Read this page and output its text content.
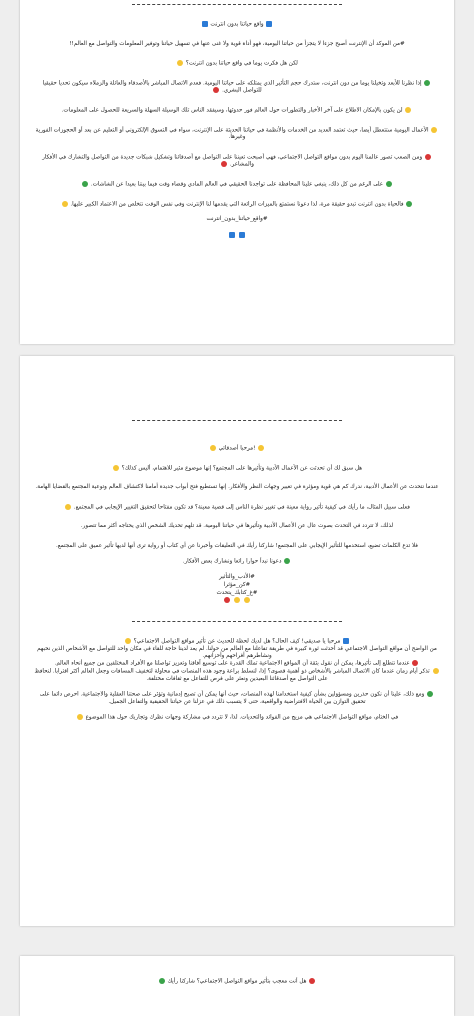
واقع حياتنا بدون انترنت

#من الموكد أن الإنترنت أصبح جزءا لا يتجزأ من حياتنا اليومية، فهو أداة قوية ولا غنى عنها في تسهيل حياتنا وتوفير المعلومات والتواصل مع العالم!!

لكن هل فكرت يوما في واقع حياتنا بدون انترنت؟

إذا نظرنا للأبعد وتخيلنا يوما من دون انترنت، ستدرك حجم التأثير الذي يمتلكه على حياتنا اليومية. فعدم الاتصال المباشر بالأصدقاء والعائلة والزملاء سيكون تحديا حقيقيا للتواصل البشري.

لن يكون بالإمكان الاطلاع على آخر الأخبار والتطورات حول العالم فور حدوثها، وسيفقد الناس تلك الوسيلة السهلة والسريعة للحصول على المعلومات.

الأعمال اليومية ستتعطل أيضا، حيث تعتمد العديد من الخدمات والأنظمة في حياتنا الحديثة على الإنترنت، سواء في التسوق الإلكتروني أو التعليم عن بعد أو الحجوزات الفورية وغيرها.

ومن الصعب تصور عالمنا اليوم بدون مواقع التواصل الاجتماعي، فهي أصبحت تعيننا على التواصل مع أصدقائنا وتشكيل شبكات جديدة من التواصل والتشارك في الأفكار والمشاعر.

على الرغم من كل ذلك، ينبغي علينا المحافظة على تواجدنا الحقيقي في العالم المادي وقضاء وقت فيما بيننا بعيدا عن الشاشات.

فالحياة بدون انترنت تبدو حقيقة مرة، لذا دعونا نستمتع بالميزات الرائعة التي يقدمها لنا الإنترنت وفي نفس الوقت نتخلص من الاعتماد الكبير عليها.

#واقع_حياتنا_بدون_انترنت

!مرحبا أصدقائي

هل سبق لك أن تحدثت عن الأعمال الأدبية وتأثيرها على المجتمع؟ إنها موضوع مثير للاهتمام، أليس كذلك؟

عندما نتحدث عن الأعمال الأدبية، ندرك كم هي قوية ومؤثرة في تغيير وجهات النظر والأفكار. إنها تستطيع فتح أبواب جديدة أمامنا لاكتشاف العالم وتوعية المجتمع بالقضايا الهامة.

فعلى سبيل المثال، ما رأيك في كيفية تأثير رواية معينة في تغيير نظرة الناس إلى قضية معينة؟ قد تكون مفتاحا لتحقيق التغيير الإيجابي في المجتمع.

لذلك، لا تتردد في التحدث بصوت عال عن الأعمال الأدبية وتأثيرها في حياتنا اليومية. قد تلهم تحديك الشخص الذي يحتاجه أكثر مما تتصور.

فلا تدع الكلمات تضيع، استخدمها للتأثير الإيجابي على المجتمع! شاركنا رأيك في التعليقات وأخبرنا عن أي كتاب أو رواية ترى أنها لديها تأثير عميق على المجتمع.

دعونا نبدأ حوارا رائعا ونشارك بعض الأفكار.

#الأدب_والتأثير

#كن_مؤثرا

#غ_كتابك_يتحدث

مرحبا يا صديقي! كيف الحال؟ هل لديك لحظة للحديث عن تأثير مواقع التواصل الاجتماعي؟

من الواضح أن مواقع التواصل الاجتماعي قد أحدثت ثورة كبيرة في طريقة تفاعلنا مع العالم من حولنا. لم يعد لدينا حاجة للقاء في مكان واحد للتواصل مع الأشخاص الذين نحبهم ونشاطرهم أفراحهم وأحزانهم.

عندما نتطلع إلى تأثيرها، يمكن أن نقول بثقة أن المواقع الاجتماعية تملك القدرة على توسيع آفاقنا وتعزيز تواصلنا مع الأفراد المختلفين من جميع أنحاء العالم.

تذكر أيام زمان عندما كان الاتصال المباشر بالأشخاص ذو أهمية قصوى؟ إذا، لنسلط براعة وجود هذه المنصات في محاولة لتخفيف المسافات وجعل العالم أكثر اقترابا. لنحافظ على التواصل مع أصدقائنا البعيدين ونعثر على فرص للتفاعل مع ثقافات مختلفة.

ومع ذلك، علينا أن نكون حذرين ومسؤولين بشأن كيفية استخدامنا لهذه المنصات، حيث أنها يمكن أن تصبح إدمانية وتؤثر على صحتنا العقلية والاجتماعية. احرص دائما على تحقيق التوازن بين الحياة الافتراضية والواقعية، حتى لا يتسبب ذلك في عزلنا عن حياتنا الحقيقية والتفاعل الجميل.

في الختام، مواقع التواصل الاجتماعي هي مزيج من الفوائد والتحديات. لذا، لا تتردد في مشاركة وجهات نظرك وتجاربك حول هذا الموضوع

هل أنت معجب بتأثير مواقع التواصل الاجتماعي؟ شاركنا رأيك
